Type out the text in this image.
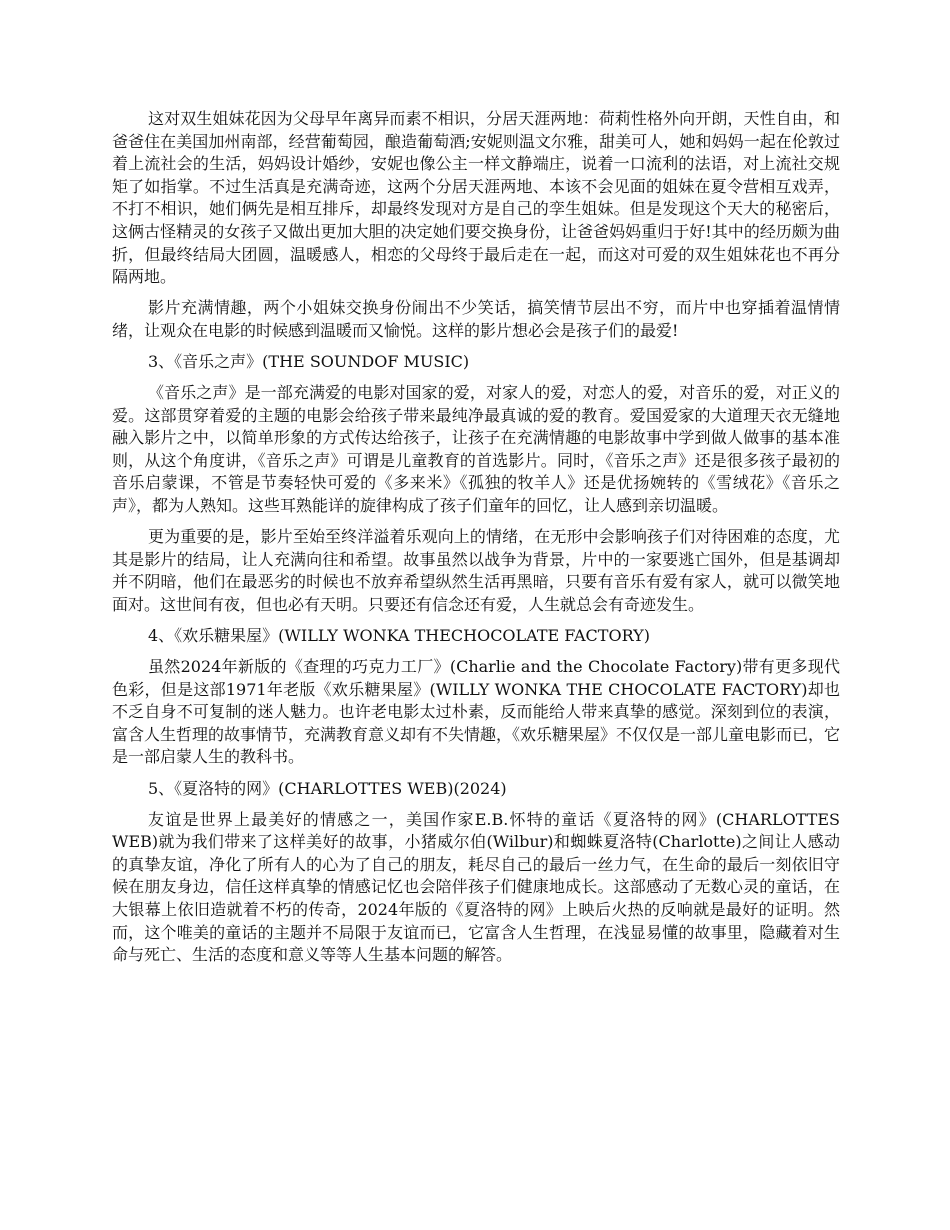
这对双生姐妹花因为父母早年离异而素不相识，分居天涯两地：荷莉性格外向开朗，天性自由，和爸爸住在美国加州南部，经营葡萄园，酿造葡萄酒;安妮则温文尔雅，甜美可人，她和妈妈一起在伦敦过着上流社会的生活，妈妈设计婚纱，安妮也像公主一样文静端庄，说着一口流利的法语，对上流社交规矩了如指掌。不过生活真是充满奇迹，这两个分居天涯两地、本该不会见面的姐妹在夏令营相互戏弄，不打不相识，她们俩先是相互排斥，却最终发现对方是自己的孪生姐妹。但是发现这个天大的秘密后，这俩古怪精灵的女孩子又做出更加大胆的决定她们要交换身份，让爸爸妈妈重归于好!其中的经历颇为曲折，但最终结局大团圆，温暖感人，相恋的父母终于最后走在一起，而这对可爱的双生姐妹花也不再分隔两地。

影片充满情趣，两个小姐妹交换身份闹出不少笑话，搞笑情节层出不穷，而片中也穿插着温情情绪，让观众在电影的时候感到温暖而又愉悦。这样的影片想必会是孩子们的最爱!

3、《音乐之声》(THE SOUNDOF MUSIC)

《音乐之声》是一部充满爱的电影对国家的爱，对家人的爱，对恋人的爱，对音乐的爱，对正义的爱。这部贯穿着爱的主题的电影会给孩子带来最纯净最真诚的爱的教育。爱国爱家的大道理天衣无缝地融入影片之中，以简单形象的方式传达给孩子，让孩子在充满情趣的电影故事中学到做人做事的基本准则，从这个角度讲，《音乐之声》可谓是儿童教育的首选影片。同时，《音乐之声》还是很多孩子最初的音乐启蒙课，不管是节奏轻快可爱的《多来米》《孤独的牧羊人》还是优扬婉转的《雪绒花》《音乐之声》，都为人熟知。这些耳熟能详的旋律构成了孩子们童年的回忆，让人感到亲切温暖。

更为重要的是，影片至始至终洋溢着乐观向上的情绪，在无形中会影响孩子们对待困难的态度，尤其是影片的结局，让人充满向往和希望。故事虽然以战争为背景，片中的一家要逃亡国外，但是基调却并不阴暗，他们在最恶劣的时候也不放弃希望纵然生活再黑暗，只要有音乐有爱有家人，就可以微笑地面对。这世间有夜，但也必有天明。只要还有信念还有爱，人生就总会有奇迹发生。

4、《欢乐糖果屋》(WILLY WONKA THECHOCOLATE FACTORY)

虽然2024年新版的《查理的巧克力工厂》(Charlie and the Chocolate Factory)带有更多现代色彩，但是这部1971年老版《欢乐糖果屋》(WILLY WONKA THE CHOCOLATE FACTORY)却也不乏自身不可复制的迷人魅力。也许老电影太过朴素，反而能给人带来真挚的感觉。深刻到位的表演，富含人生哲理的故事情节，充满教育意义却有不失情趣，《欢乐糖果屋》不仅仅是一部儿童电影而已，它是一部启蒙人生的教科书。

5、《夏洛特的网》(CHARLOTTES WEB)(2024)

友谊是世界上最美好的情感之一，美国作家E.B.怀特的童话《夏洛特的网》(CHARLOTTES WEB)就为我们带来了这样美好的故事，小猪威尔伯(Wilbur)和蜘蛛夏洛特(Charlotte)之间让人感动的真挚友谊，净化了所有人的心为了自己的朋友，耗尽自己的最后一丝力气，在生命的最后一刻依旧守候在朋友身边，信任这样真挚的情感记忆也会陪伴孩子们健康地成长。这部感动了无数心灵的童话，在大银幕上依旧造就着不朽的传奇，2024年版的《夏洛特的网》上映后火热的反响就是最好的证明。然而，这个唯美的童话的主题并不局限于友谊而已，它富含人生哲理，在浅显易懂的故事里，隐藏着对生命与死亡、生活的态度和意义等等人生基本问题的解答。
